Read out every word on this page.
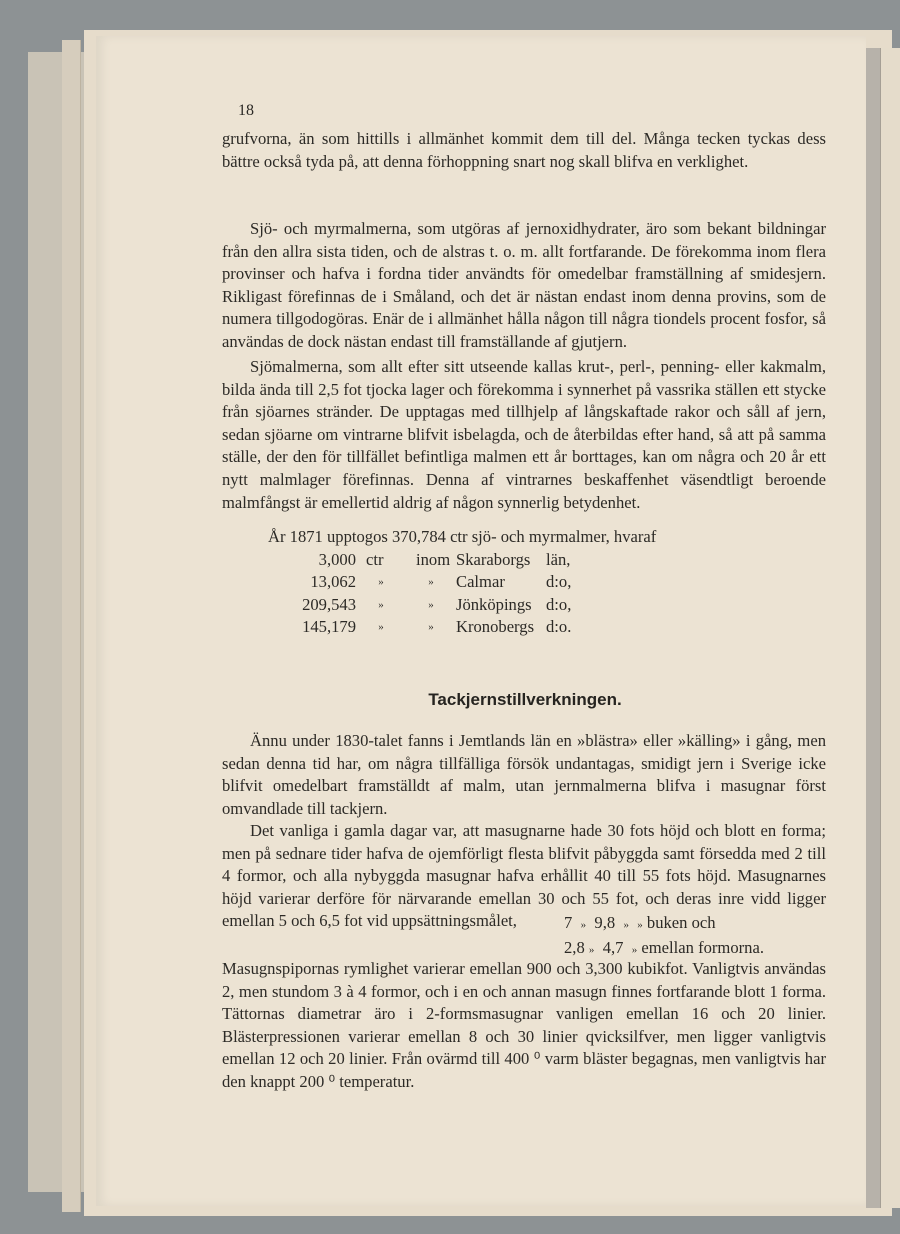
18

grufvorna, än som hittills i allmänhet kommit dem till del. Många tecken tyckas dess bättre också tyda på, att denna förhoppning snart nog skall blifva en verklighet.

Sjö- och myrmalmerna, som utgöras af jernoxidhydrater, äro som bekant bildningar från den allra sista tiden, och de alstras t. o. m. allt fortfarande. De förekomma inom flera provinser och hafva i fordna tider användts för omedelbar framställning af smidesjern. Rikligast förefinnas de i Småland, och det är nästan endast inom denna provins, som de numera tillgodogöras. Enär de i allmänhet hålla någon till några tiondels procent fosfor, så användas de dock nästan endast till framställande af gjutjern.

Sjömalmerna, som allt efter sitt utseende kallas krut-, perl-, penning- eller kakmalm, bilda ända till 2,5 fot tjocka lager och förekomma i synnerhet på vassrika ställen ett stycke från sjöarnes stränder. De upptagas med tillhjelp af långskaftade rakor och såll af jern, sedan sjöarne om vintrarne blifvit isbelagda, och de återbildas efter hand, så att på samma ställe, der den för tillfället befintliga malmen ett år borttages, kan om några och 20 år ett nytt malmlager förefinnas. Denna af vintrarnes beskaffenhet väsendtligt beroende malmfångst är emellertid aldrig af någon synnerlig betydenhet.

År 1871 upptogos 370,784 ctr sjö- och myrmalmer, hvaraf
3,000	ctr	inom	Skaraborgs	län,
13,062	»	»	Calmar	d:o,
209,543	»	»	Jönköpings	d:o,
145,179	»	»	Kronobergs	d:o.
Tackjernstillverkningen.

Ännu under 1830-talet fanns i Jemtlands län en »blästra» eller »källing» i gång, men sedan denna tid har, om några tillfälliga försök undantagas, smidigt jern i Sverige icke blifvit omedelbart framställdt af malm, utan jernmalmerna blifva i masugnar först omvandlade till tackjern.

Det vanliga i gamla dagar var, att masugnarne hade 30 fots höjd och blott en forma; men på sednare tider hafva de ojemförligt flesta blifvit påbyggda samt försedda med 2 till 4 formor, och alla nybyggda masugnar hafva erhållit 40 till 55 fots höjd. Masugnarnes höjd varierar derföre för närvarande emellan 30 och 55 fot, och deras inre vidd ligger emellan 5 och 6,5 fot vid uppsättningsmålet,	7 » 9,8 » » buken och
2,8 » 4,7 » emellan formorna.

Masugnspipornas rymlighet varierar emellan 900 och 3,300 kubikfot. Vanligtvis användas 2, men stundom 3 à 4 formor, och i en och annan masugn finnes fortfarande blott 1 forma. Tättornas diametrar äro i 2-formsmasugnar vanligen emellan 16 och 20 linier. Blästerpressionen varierar emellan 8 och 30 linier qvicksilfver, men ligger vanligtvis emellan 12 och 20 linier. Från ovärmd till 400 ⁰ varm bläster begagnas, men vanligtvis har den knappt 200 ⁰ temperatur.
